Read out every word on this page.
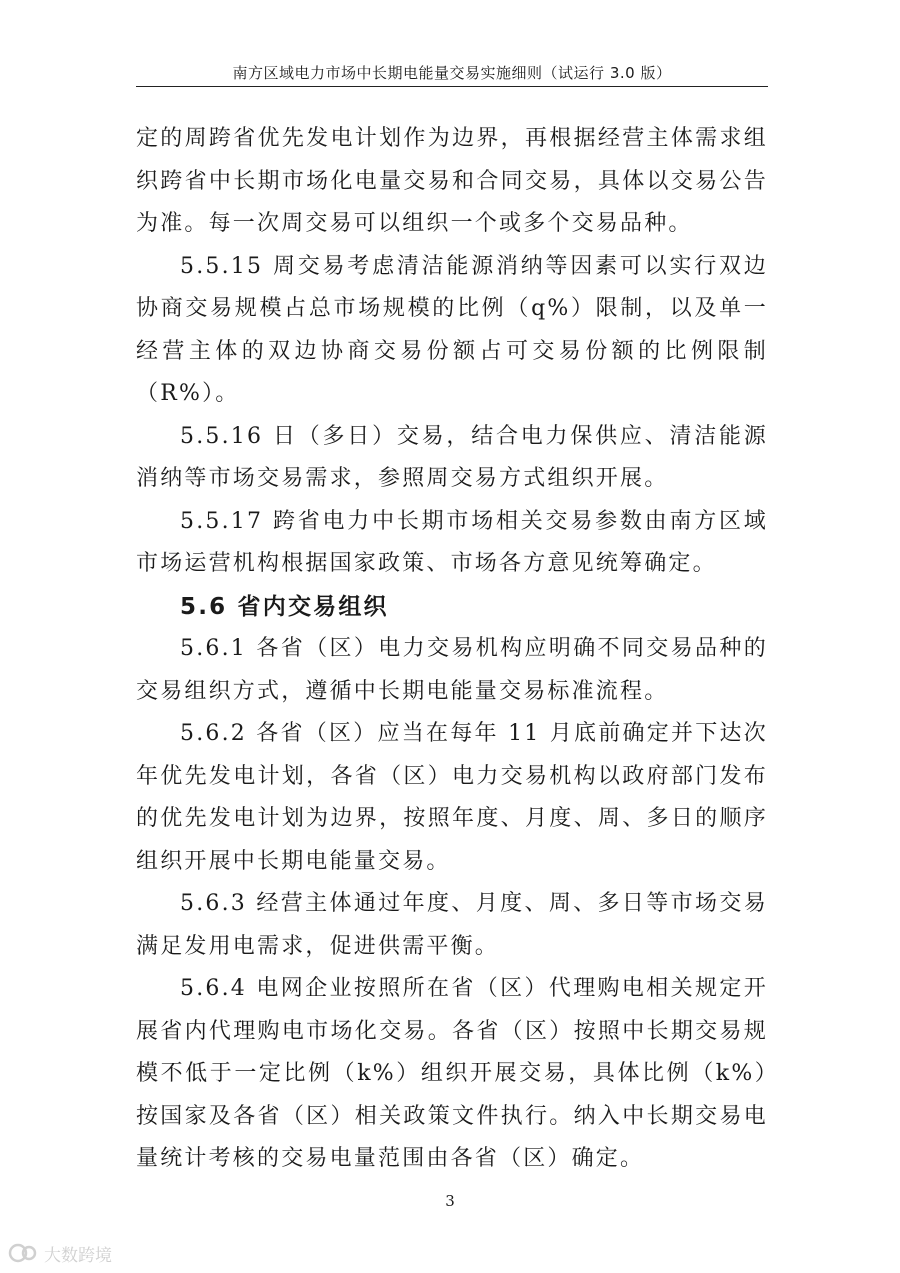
南方区域电力市场中长期电能量交易实施细则（试运行 3.0 版）

定的周跨省优先发电计划作为边界，再根据经营主体需求组织跨省中长期市场化电量交易和合同交易，具体以交易公告为准。每一次周交易可以组织一个或多个交易品种。

5.5.15 周交易考虑清洁能源消纳等因素可以实行双边协商交易规模占总市场规模的比例（q%）限制，以及单一经营主体的双边协商交易份额占可交易份额的比例限制（R%）。

5.5.16 日（多日）交易，结合电力保供应、清洁能源消纳等市场交易需求，参照周交易方式组织开展。

5.5.17 跨省电力中长期市场相关交易参数由南方区域市场运营机构根据国家政策、市场各方意见统筹确定。

5.6 省内交易组织

5.6.1 各省（区）电力交易机构应明确不同交易品种的交易组织方式，遵循中长期电能量交易标准流程。

5.6.2 各省（区）应当在每年 11 月底前确定并下达次年优先发电计划，各省（区）电力交易机构以政府部门发布的优先发电计划为边界，按照年度、月度、周、多日的顺序组织开展中长期电能量交易。

5.6.3 经营主体通过年度、月度、周、多日等市场交易满足发用电需求，促进供需平衡。

5.6.4 电网企业按照所在省（区）代理购电相关规定开展省内代理购电市场化交易。各省（区）按照中长期交易规模不低于一定比例（k%）组织开展交易，具体比例（k%）按国家及各省（区）相关政策文件执行。纳入中长期交易电量统计考核的交易电量范围由各省（区）确定。

3
大数跨境
